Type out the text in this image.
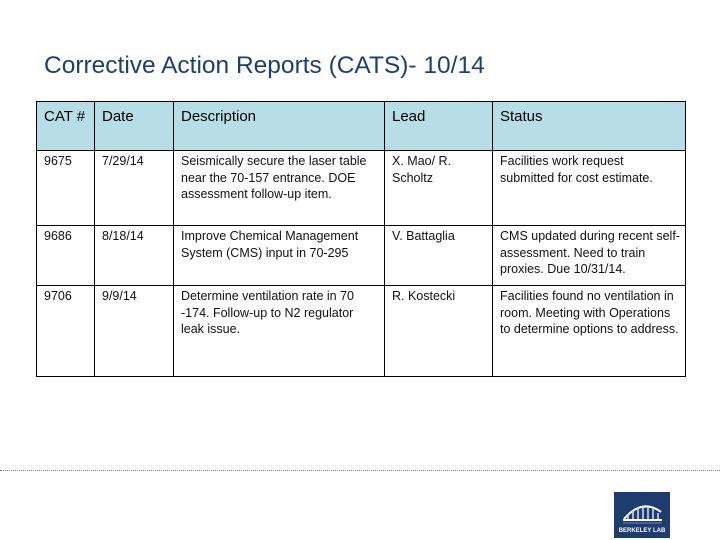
Corrective Action Reports (CATS)- 10/14
CAT #	Date	Description	Lead	Status
9675	7/29/14	Seismically secure the laser table near the 70-157 entrance. DOE assessment follow-up item.	X. Mao/ R. Scholtz	Facilities work request submitted for cost estimate.
9686	8/18/14	Improve Chemical Management System (CMS) input in 70-295	V. Battaglia	CMS updated during recent self-assessment. Need to train proxies. Due 10/31/14.
9706	9/9/14	Determine ventilation rate in 70 -174. Follow-up to N2 regulator leak issue.	R. Kostecki	Facilities found no ventilation in room. Meeting with Operations to determine options to address.
BERKELEY LAB
